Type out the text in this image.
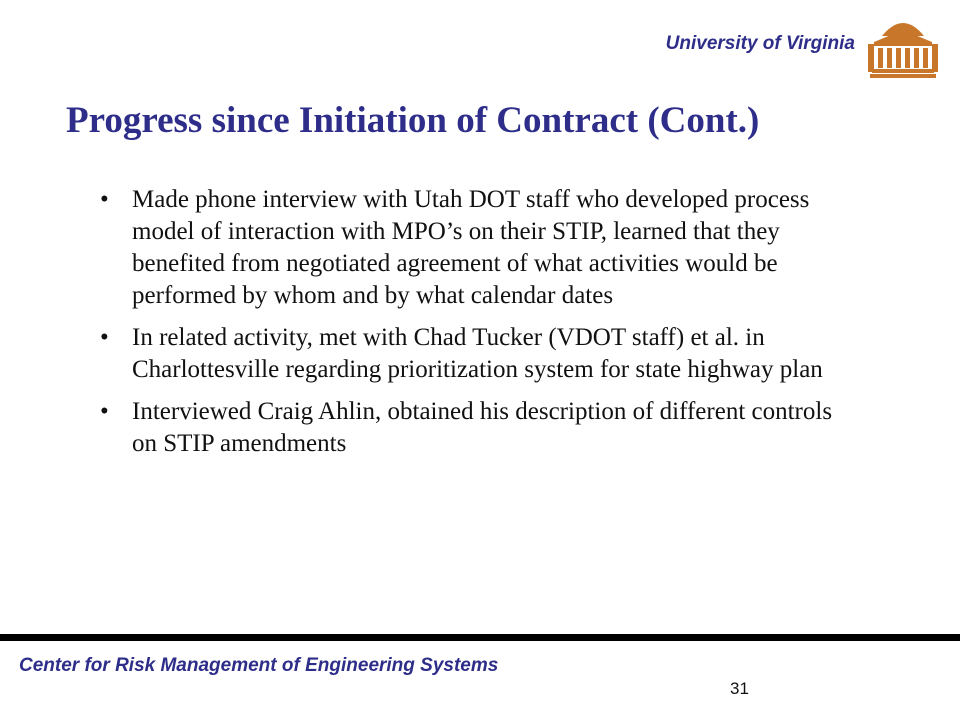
University of Virginia
Progress since Initiation of Contract (Cont.)
• Made phone interview with Utah DOT staff who developed process model of interaction with MPO’s on their STIP, learned that they benefited from negotiated agreement of what activities would be performed by whom and by what calendar dates
• In related activity, met with Chad Tucker (VDOT staff) et al. in Charlottesville regarding prioritization system for state highway plan
• Interviewed Craig Ahlin, obtained his description of different controls on STIP amendments
Center for Risk Management of Engineering Systems
31
